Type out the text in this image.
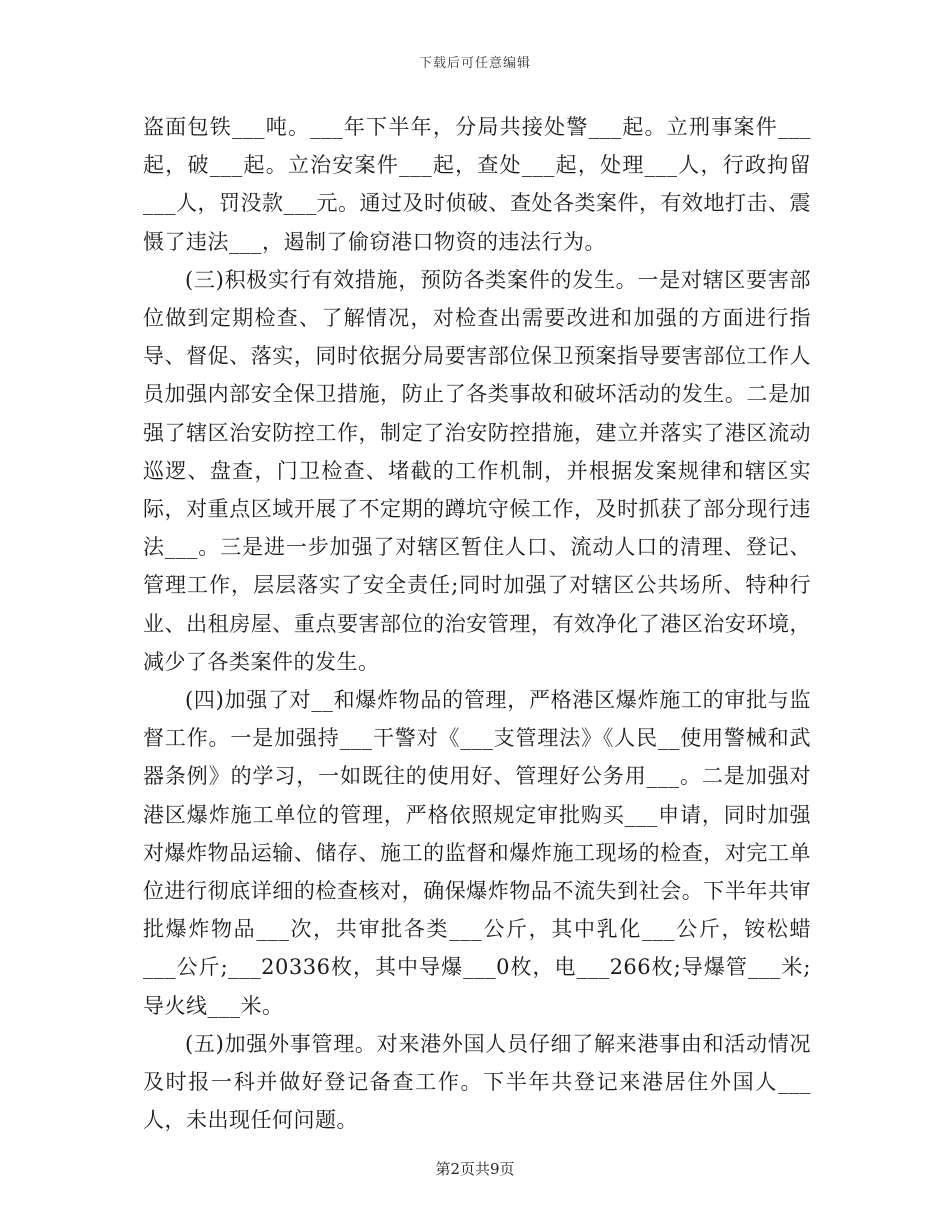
下载后可任意编辑

盗面包铁___吨。___年下半年，分局共接处警___起。立刑事案件___起，破___起。立治安案件___起，查处___起，处理___人，行政拘留___人，罚没款___元。通过及时侦破、查处各类案件，有效地打击、震慑了违法___，遏制了偷窃港口物资的违法行为。

(三)积极实行有效措施，预防各类案件的发生。一是对辖区要害部位做到定期检查、了解情况，对检查出需要改进和加强的方面进行指导、督促、落实，同时依据分局要害部位保卫预案指导要害部位工作人员加强内部安全保卫措施，防止了各类事故和破坏活动的发生。二是加强了辖区治安防控工作，制定了治安防控措施，建立并落实了港区流动巡逻、盘查，门卫检查、堵截的工作机制，并根据发案规律和辖区实际，对重点区域开展了不定期的蹲坑守候工作，及时抓获了部分现行违法___。三是进一步加强了对辖区暂住人口、流动人口的清理、登记、管理工作，层层落实了安全责任;同时加强了对辖区公共场所、特种行业、出租房屋、重点要害部位的治安管理，有效净化了港区治安环境，减少了各类案件的发生。

(四)加强了对__和爆炸物品的管理，严格港区爆炸施工的审批与监督工作。一是加强持___干警对《___支管理法》《人民__使用警械和武器条例》的学习，一如既往的使用好、管理好公务用___。二是加强对港区爆炸施工单位的管理，严格依照规定审批购买___申请，同时加强对爆炸物品运输、储存、施工的监督和爆炸施工现场的检查，对完工单位进行彻底详细的检查核对，确保爆炸物品不流失到社会。下半年共审批爆炸物品___次，共审批各类___公斤，其中乳化___公斤，铵松蜡___公斤;___20336枚，其中导爆___0枚，电___266枚;导爆管___米;导火线___米。

(五)加强外事管理。对来港外国人员仔细了解来港事由和活动情况及时报一科并做好登记备查工作。下半年共登记来港居住外国人___人，未出现任何问题。

第2页共9页
